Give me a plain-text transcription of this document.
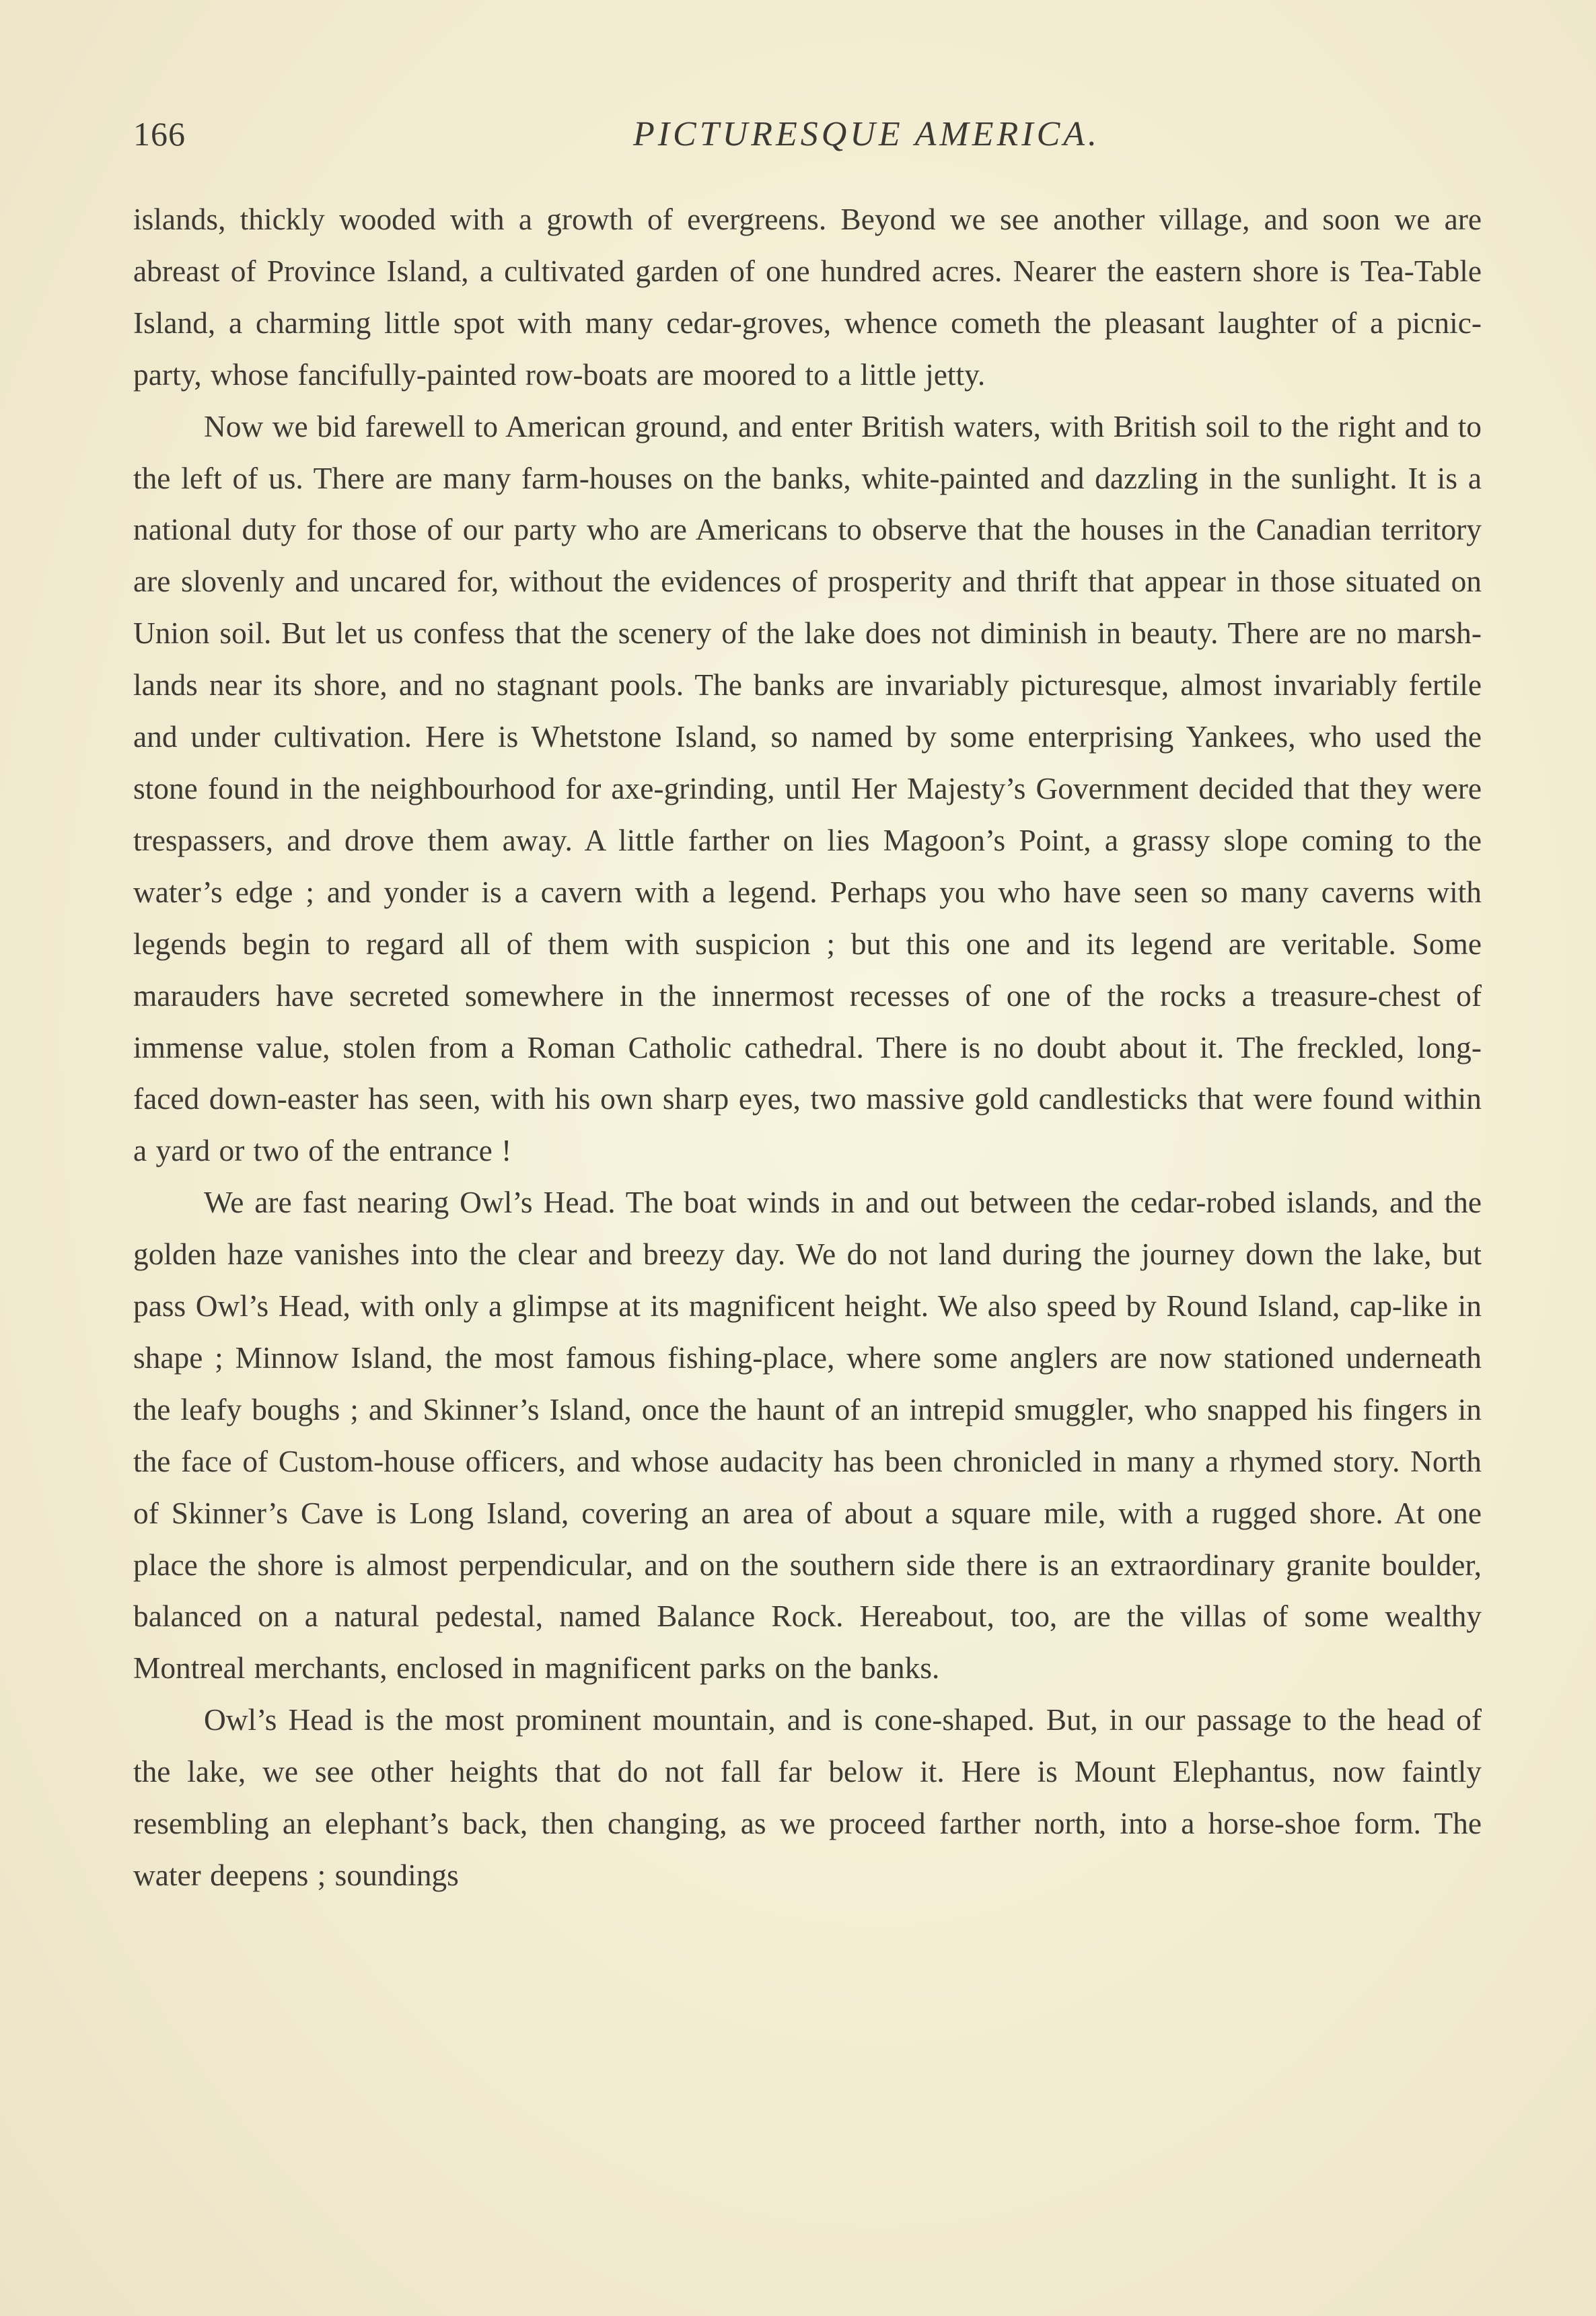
166	PICTURESQUE AMERICA.

islands, thickly wooded with a growth of evergreens. Beyond we see another village, and soon we are abreast of Province Island, a cultivated garden of one hundred acres. Nearer the eastern shore is Tea-Table Island, a charming little spot with many cedar-groves, whence cometh the pleasant laughter of a picnic-party, whose fancifully-painted row-boats are moored to a little jetty.

Now we bid farewell to American ground, and enter British waters, with British soil to the right and to the left of us. There are many farm-houses on the banks, white-painted and dazzling in the sunlight. It is a national duty for those of our party who are Americans to observe that the houses in the Canadian territory are slovenly and uncared for, without the evidences of prosperity and thrift that appear in those situated on Union soil. But let us confess that the scenery of the lake does not diminish in beauty. There are no marsh-lands near its shore, and no stagnant pools. The banks are invariably picturesque, almost invariably fertile and under cultivation. Here is Whetstone Island, so named by some enterprising Yankees, who used the stone found in the neighbourhood for axe-grinding, until Her Majesty’s Government decided that they were trespassers, and drove them away. A little farther on lies Magoon’s Point, a grassy slope coming to the water’s edge ; and yonder is a cavern with a legend. Perhaps you who have seen so many caverns with legends begin to regard all of them with suspicion ; but this one and its legend are veritable. Some marauders have secreted somewhere in the innermost recesses of one of the rocks a treasure-chest of immense value, stolen from a Roman Catholic cathedral. There is no doubt about it. The freckled, long-faced down-easter has seen, with his own sharp eyes, two massive gold candlesticks that were found within a yard or two of the entrance !

We are fast nearing Owl’s Head. The boat winds in and out between the cedar-robed islands, and the golden haze vanishes into the clear and breezy day. We do not land during the journey down the lake, but pass Owl’s Head, with only a glimpse at its magnificent height. We also speed by Round Island, cap-like in shape ; Minnow Island, the most famous fishing-place, where some anglers are now stationed underneath the leafy boughs ; and Skinner’s Island, once the haunt of an intrepid smuggler, who snapped his fingers in the face of Custom-house officers, and whose audacity has been chronicled in many a rhymed story. North of Skinner’s Cave is Long Island, covering an area of about a square mile, with a rugged shore. At one place the shore is almost perpendicular, and on the southern side there is an extraordinary granite boulder, balanced on a natural pedestal, named Balance Rock. Hereabout, too, are the villas of some wealthy Montreal merchants, enclosed in magnificent parks on the banks.

Owl’s Head is the most prominent mountain, and is cone-shaped. But, in our passage to the head of the lake, we see other heights that do not fall far below it. Here is Mount Elephantus, now faintly resembling an elephant’s back, then changing, as we proceed farther north, into a horse-shoe form. The water deepens ; soundings
